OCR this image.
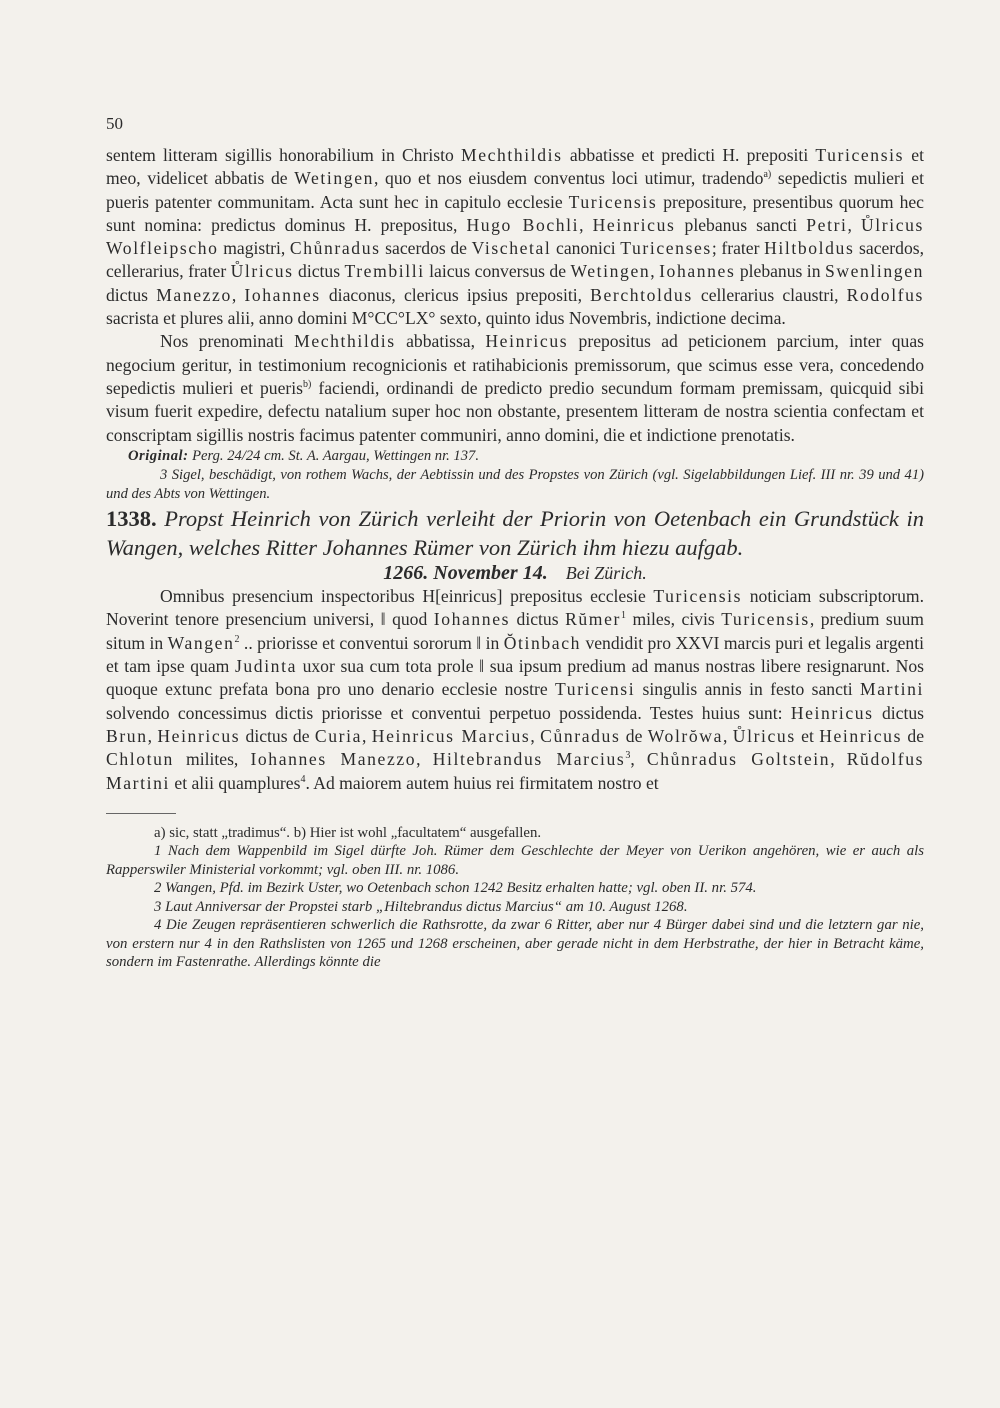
50

sentem litteram sigillis honorabilium in Christo Mechthildis abbatisse et predicti H. prepositi Turicensis et meo, videlicet abbatis de Wetingen, quo et nos eiusdem conventus loci utimur, tradendo$^{a)}$ sepedictis mulieri et pueris patenter communitam. Acta sunt hec in capitulo ecclesie Turicensis prepositure, presentibus quorum hec sunt nomina: predictus dominus H. prepositus, Hugo Bochli, Heinricus plebanus sancti Petri, Ůlricus Wolfleipscho magistri, Chůnradus sacerdos de Vischetal canonici Turicenses; frater Hiltboldus sacerdos, cellerarius, frater Ůlricus dictus Trembilli laicus conversus de Wetingen, Iohannes plebanus in Swenlingen dictus Manezzo, Iohannes diaconus, clericus ipsius prepositi, Berchtoldus cellerarius claustri, Rodolfus sacrista et plures alii, anno domini M°CC°LX° sexto, quinto idus Novembris, indictione decima.

Nos prenominati Mechthildis abbatissa, Heinricus prepositus ad peticionem parcium, inter quas negocium geritur, in testimonium recognicionis et ratihabicionis premissorum, que scimus esse vera, concedendo sepedictis mulieri et pueris$^{b)}$ faciendi, ordinandi de predicto predio secundum formam premissam, quicquid sibi visum fuerit expedire, defectu natalium super hoc non obstante, presentem litteram de nostra scientia confectam et conscriptam sigillis nostris facimus patenter communiri, anno domini, die et indictione prenotatis.

Original: Perg. 24/24 cm. St. A. Aargau, Wettingen nr. 137.

3 Sigel, beschädigt, von rothem Wachs, der Aebtissin und des Propstes von Zürich (vgl. Sigelabbildungen Lief. III nr. 39 und 41) und des Abts von Wettingen.

1338. Propst Heinrich von Zürich verleiht der Priorin von Oetenbach ein Grundstück in Wangen, welches Ritter Johannes Rümer von Zürich ihm hiezu aufgab.

1266. November 14. Bei Zürich.

Omnibus presencium inspectoribus H[einricus] prepositus ecclesie Turicensis noticiam subscriptorum. Noverint tenore presencium universi, ‖ quod Iohannes dictus Rŭmer$^1$ miles, civis Turicensis, predium suum situm in Wangen$^2$ .. priorisse et conventui sororum ‖ in Ŏtinbach vendidit pro XXVI marcis puri et legalis argenti et tam ipse quam Judinta uxor sua cum tota prole ‖ sua ipsum predium ad manus nostras libere resignarunt. Nos quoque extunc prefata bona pro uno denario ecclesie nostre Turicensi singulis annis in festo sancti Martini solvendo concessimus dictis priorisse et conventui perpetuo possidenda. Testes huius sunt: Heinricus dictus Brun, Heinricus dictus de Curia, Heinricus Marcius, Cůnradus de Wolrŏwa, Ůlricus et Heinricus de Chlotun milites, Iohannes Manezzo, Hiltebrandus Marcius$^3$, Chůnradus Goltstein, Rŭdolfus Martini et alii quamplures$^4$. Ad maiorem autem huius rei firmitatem nostro et

a) sic, statt „tradimus“. b) Hier ist wohl „facultatem“ ausgefallen.

1 Nach dem Wappenbild im Sigel dürfte Joh. Rümer dem Geschlechte der Meyer von Uerikon angehören, wie er auch als Rapperswiler Ministerial vorkommt; vgl. oben III. nr. 1086.

2 Wangen, Pfd. im Bezirk Uster, wo Oetenbach schon 1242 Besitz erhalten hatte; vgl. oben II. nr. 574.

3 Laut Anniversar der Propstei starb „Hiltebrandus dictus Marcius“ am 10. August 1268.

4 Die Zeugen repräsentieren schwerlich die Rathsrotte, da zwar 6 Ritter, aber nur 4 Bürger dabei sind und die letztern gar nie, von erstern nur 4 in den Rathslisten von 1265 und 1268 erscheinen, aber gerade nicht in dem Herbstrathe, der hier in Betracht käme, sondern im Fastenrathe. Allerdings könnte die
